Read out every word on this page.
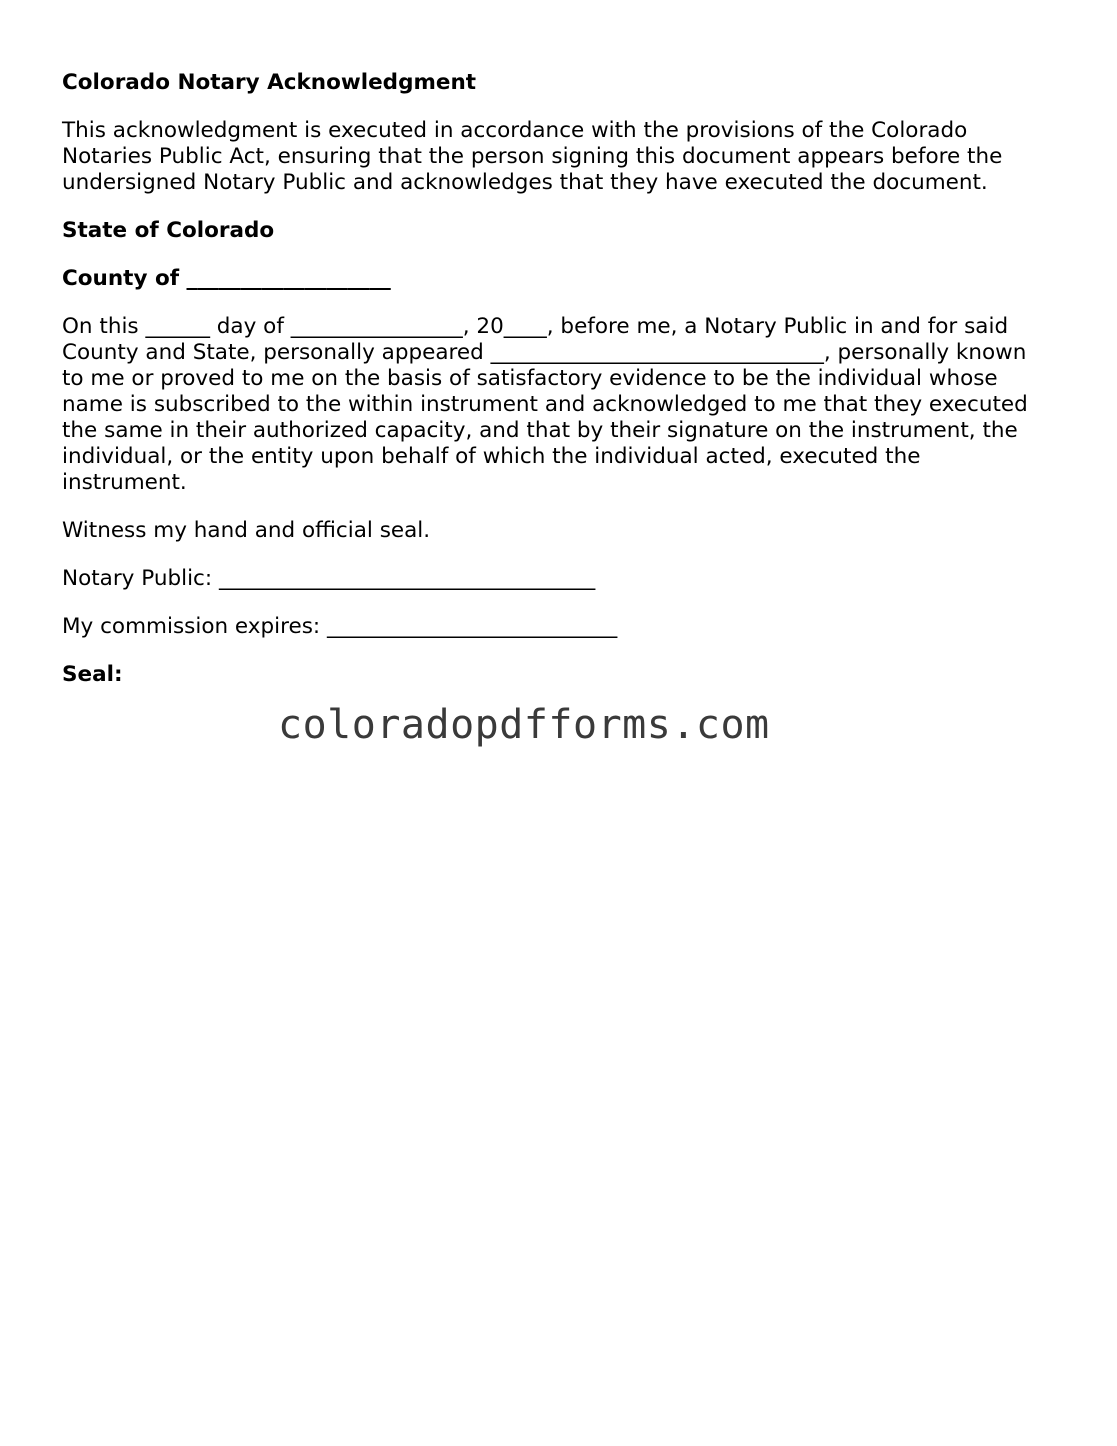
Colorado Notary Acknowledgment
This acknowledgment is executed in accordance with the provisions of the Colorado
Notaries Public Act, ensuring that the person signing this document appears before the
undersigned Notary Public and acknowledges that they have executed the document.
State of Colorado
County of ___________________
On this ______ day of ________________, 20____, before me, a Notary Public in and for said
County and State, personally appeared _______________________________, personally known
to me or proved to me on the basis of satisfactory evidence to be the individual whose
name is subscribed to the within instrument and acknowledged to me that they executed
the same in their authorized capacity, and that by their signature on the instrument, the
individual, or the entity upon behalf of which the individual acted, executed the
instrument.
Witness my hand and official seal.
Notary Public: ___________________________________
My commission expires: ___________________________
Seal:
coloradopdfforms.com
